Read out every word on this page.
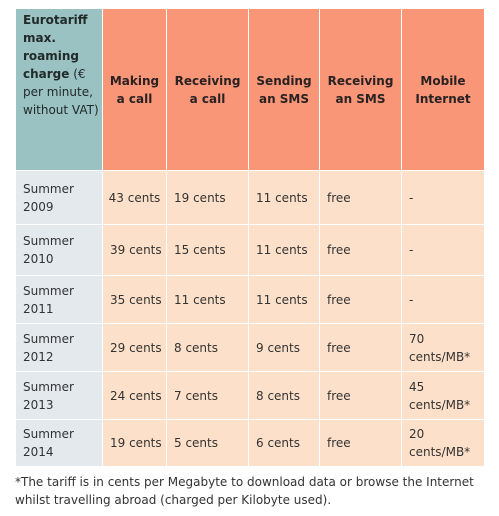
Eurotariff max. roaming charge (€ per minute, without VAT)	Making a call	Receiving a call	Sending an SMS	Receiving an SMS	Mobile Internet
Summer 2009	43 cents	19 cents	11 cents	free	-
Summer 2010	39 cents	15 cents	11 cents	free	-
Summer 2011	35 cents	11 cents	11 cents	free	-
Summer 2012	29 cents	8 cents	9 cents	free	70 cents/MB*
Summer 2013	24 cents	7 cents	8 cents	free	45 cents/MB*
Summer 2014	19 cents	5 cents	6 cents	free	20 cents/MB*
*The tariff is in cents per Megabyte to download data or browse the Internet whilst travelling abroad (charged per Kilobyte used).
